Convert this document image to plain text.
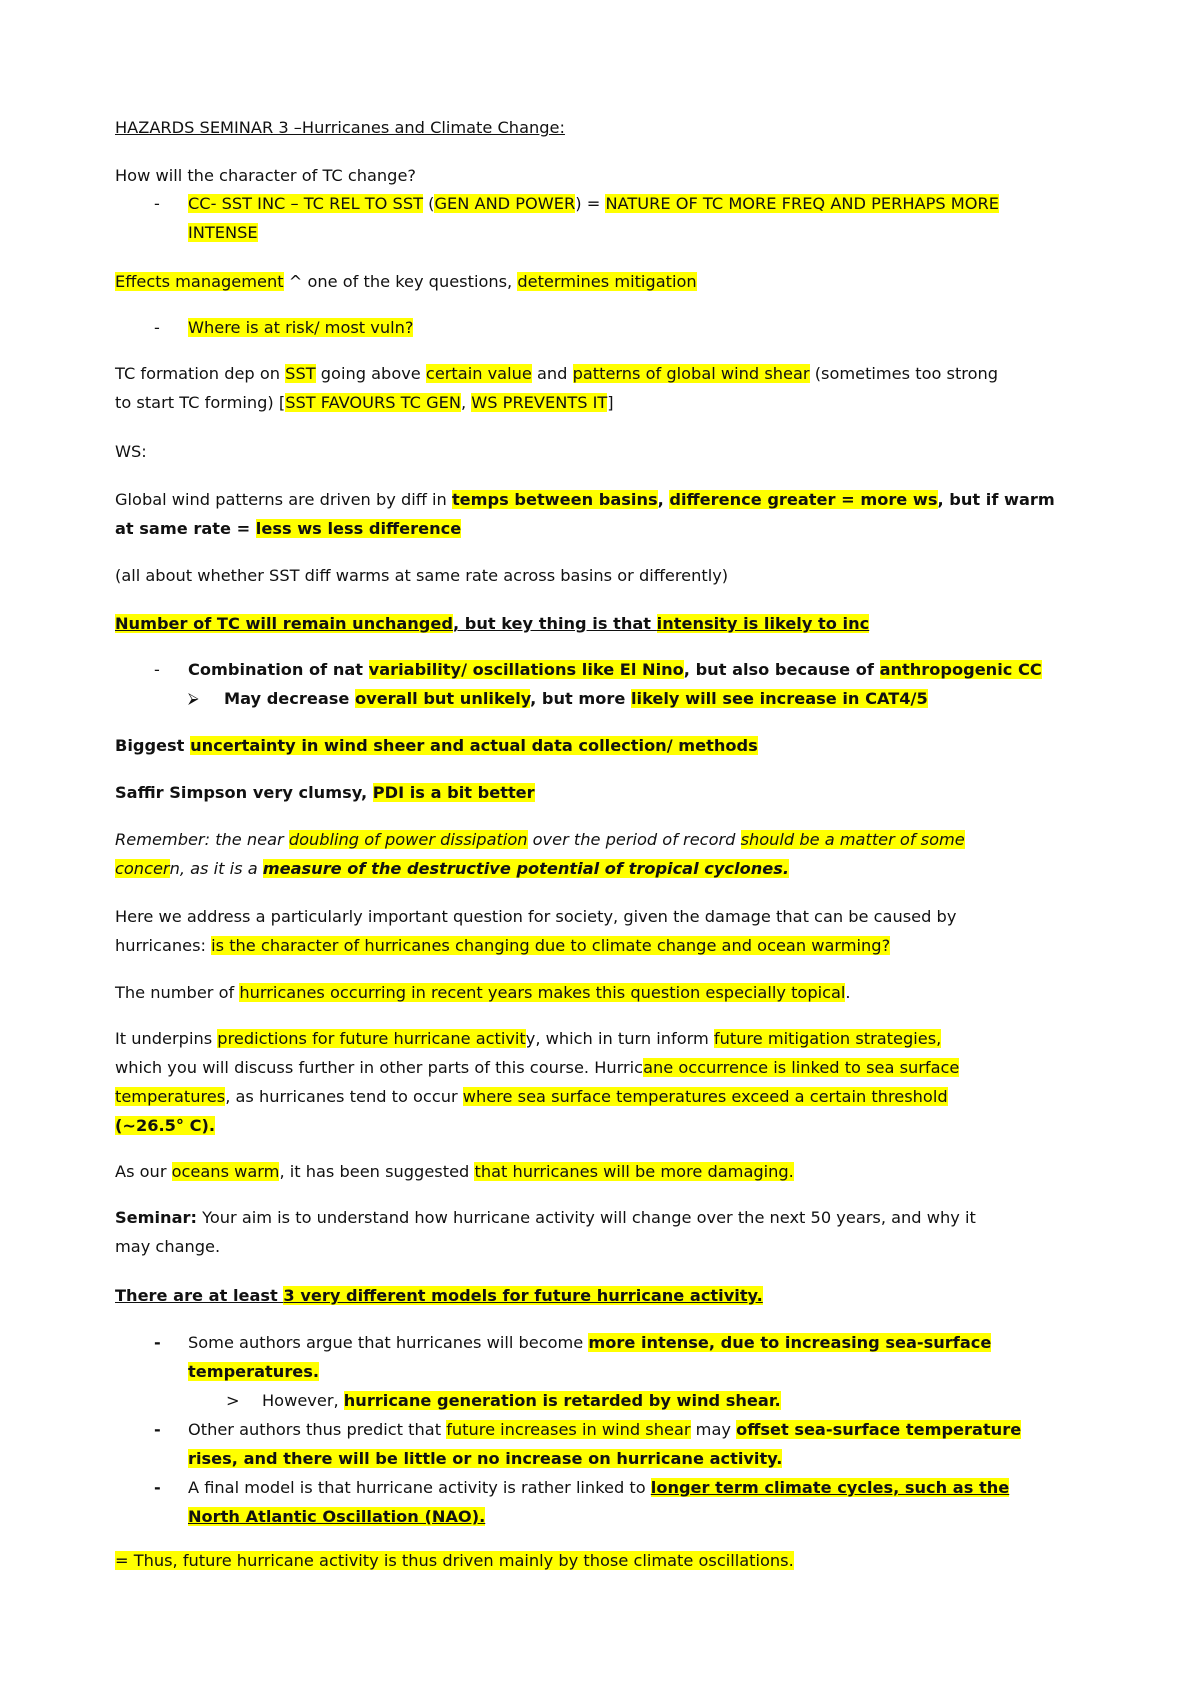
HAZARDS SEMINAR 3 –Hurricanes and Climate Change:
How will the character of TC change?
- CC- SST INC – TC REL TO SST (GEN AND POWER) = NATURE OF TC MORE FREQ AND PERHAPS MORE
INTENSE
Effects management ^ one of the key questions, determines mitigation
- Where is at risk/ most vuln?
TC formation dep on SST going above certain value and patterns of global wind shear (sometimes too strong
to start TC forming) [SST FAVOURS TC GEN, WS PREVENTS IT]
WS:
Global wind patterns are driven by diff in temps between basins, difference greater = more ws, but if warm
at same rate = less ws less difference
(all about whether SST diff warms at same rate across basins or differently)
Number of TC will remain unchanged, but key thing is that intensity is likely to inc
- Combination of nat variability/ oscillations like El Nino, but also because of anthropogenic CC
⮚ May decrease overall but unlikely, but more likely will see increase in CAT4/5
Biggest uncertainty in wind sheer and actual data collection/ methods
Saffir Simpson very clumsy, PDI is a bit better
Remember: the near doubling of power dissipation over the period of record should be a matter of some
concern, as it is a measure of the destructive potential of tropical cyclones.
Here we address a particularly important question for society, given the damage that can be caused by
hurricanes: is the character of hurricanes changing due to climate change and ocean warming?
The number of hurricanes occurring in recent years makes this question especially topical.
It underpins predictions for future hurricane activity, which in turn inform future mitigation strategies,
which you will discuss further in other parts of this course. Hurricane occurrence is linked to sea surface
temperatures, as hurricanes tend to occur where sea surface temperatures exceed a certain threshold
(~26.5° C).
As our oceans warm, it has been suggested that hurricanes will be more damaging.
Seminar: Your aim is to understand how hurricane activity will change over the next 50 years, and why it
may change.
There are at least 3 very different models for future hurricane activity.
- Some authors argue that hurricanes will become more intense, due to increasing sea-surface
temperatures.
> However, hurricane generation is retarded by wind shear.
- Other authors thus predict that future increases in wind shear may offset sea-surface temperature
rises, and there will be little or no increase on hurricane activity.
- A final model is that hurricane activity is rather linked to longer term climate cycles, such as the
North Atlantic Oscillation (NAO).
= Thus, future hurricane activity is thus driven mainly by those climate oscillations.
